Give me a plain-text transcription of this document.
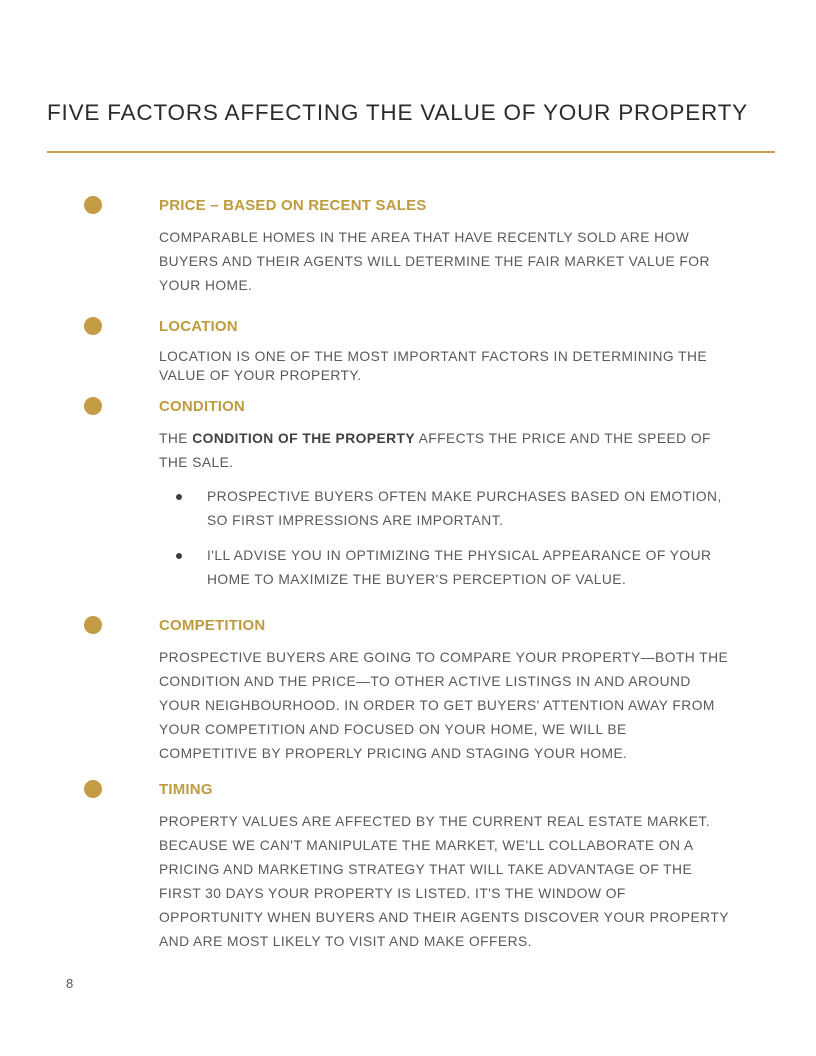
FIVE FACTORS AFFECTING THE VALUE OF YOUR PROPERTY
PRICE – BASED ON RECENT SALES

COMPARABLE HOMES IN THE AREA THAT HAVE RECENTLY SOLD ARE HOW BUYERS AND THEIR AGENTS WILL DETERMINE THE FAIR MARKET VALUE FOR YOUR HOME.

LOCATION

LOCATION IS ONE OF THE MOST IMPORTANT FACTORS IN DETERMINING THE VALUE OF YOUR PROPERTY.

CONDITION

THE CONDITION OF THE PROPERTY AFFECTS THE PRICE AND THE SPEED OF THE SALE.

PROSPECTIVE BUYERS OFTEN MAKE PURCHASES BASED ON EMOTION, SO FIRST IMPRESSIONS ARE IMPORTANT.
I'LL ADVISE YOU IN OPTIMIZING THE PHYSICAL APPEARANCE OF YOUR HOME TO MAXIMIZE THE BUYER'S PERCEPTION OF VALUE.
COMPETITION

PROSPECTIVE BUYERS ARE GOING TO COMPARE YOUR PROPERTY—BOTH THE CONDITION AND THE PRICE—TO OTHER ACTIVE LISTINGS IN AND AROUND YOUR NEIGHBOURHOOD. IN ORDER TO GET BUYERS' ATTENTION AWAY FROM YOUR COMPETITION AND FOCUSED ON YOUR HOME, WE WILL BE COMPETITIVE BY PROPERLY PRICING AND STAGING YOUR HOME.

TIMING

PROPERTY VALUES ARE AFFECTED BY THE CURRENT REAL ESTATE MARKET. BECAUSE WE CAN'T MANIPULATE THE MARKET, WE'LL COLLABORATE ON A PRICING AND MARKETING STRATEGY THAT WILL TAKE ADVANTAGE OF THE FIRST 30 DAYS YOUR PROPERTY IS LISTED. IT'S THE WINDOW OF OPPORTUNITY WHEN BUYERS AND THEIR AGENTS DISCOVER YOUR PROPERTY AND ARE MOST LIKELY TO VISIT AND MAKE OFFERS.

8
